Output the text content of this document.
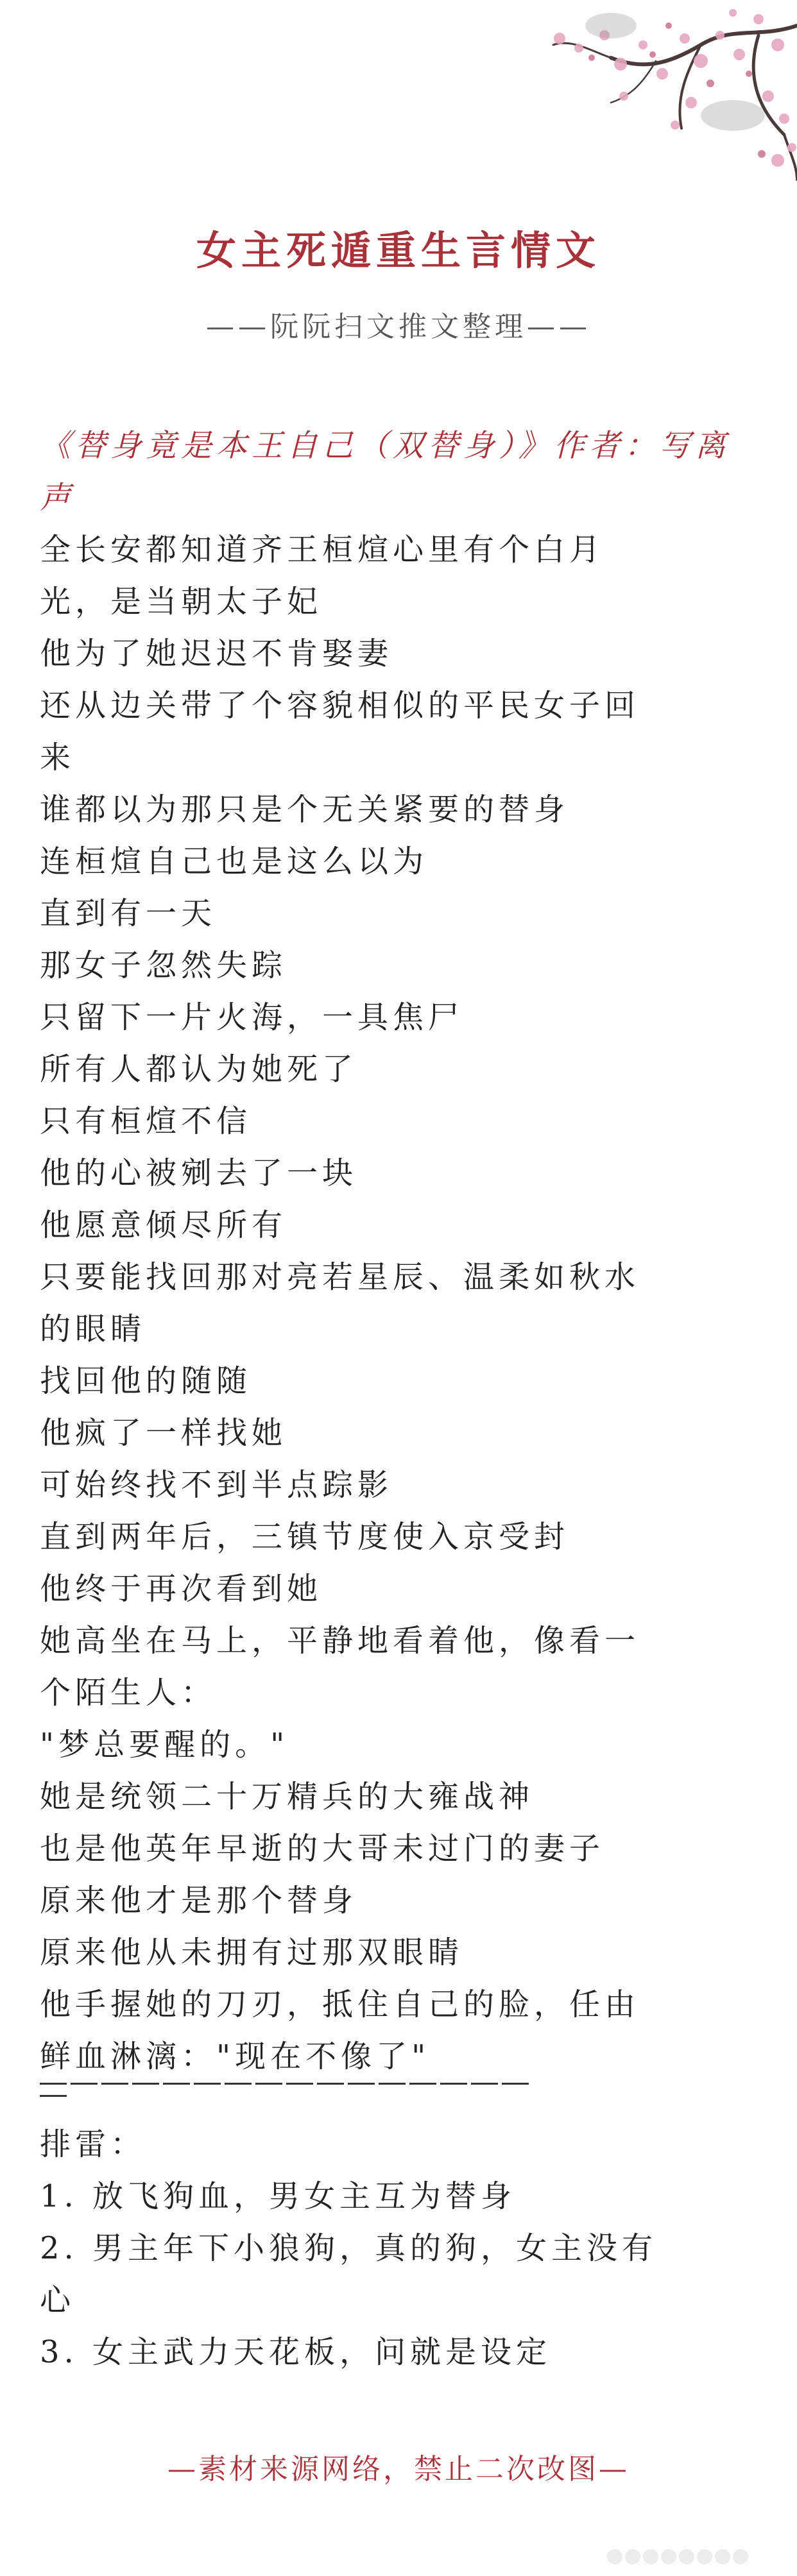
女主死遁重生言情文
——阮阮扫文推文整理——
《替身竟是本王自己（双替身）》作者：写离声
全长安都知道齐王桓煊心里有个白月
光，是当朝太子妃
他为了她迟迟不肯娶妻
还从边关带了个容貌相似的平民女子回
来
谁都以为那只是个无关紧要的替身
连桓煊自己也是这么以为
直到有一天
那女子忽然失踪
只留下一片火海，一具焦尸
所有人都认为她死了
只有桓煊不信
他的心被剜去了一块
他愿意倾尽所有
只要能找回那对亮若星辰、温柔如秋水
的眼睛
找回他的随随
他疯了一样找她
可始终找不到半点踪影
直到两年后，三镇节度使入京受封
他终于再次看到她
她高坐在马上，平静地看着他，像看一
个陌生人：
"梦总要醒的。"
她是统领二十万精兵的大雍战神
也是他英年早逝的大哥未过门的妻子
原来他才是那个替身
原来他从未拥有过那双眼睛
他手握她的刀刃，抵住自己的脸，任由
鲜血淋漓："现在不像了"
排雷：
1. 放飞狗血，男女主互为替身
2. 男主年下小狼狗，真的狗，女主没有
心
3. 女主武力天花板，问就是设定
—素材来源网络，禁止二次改图—
